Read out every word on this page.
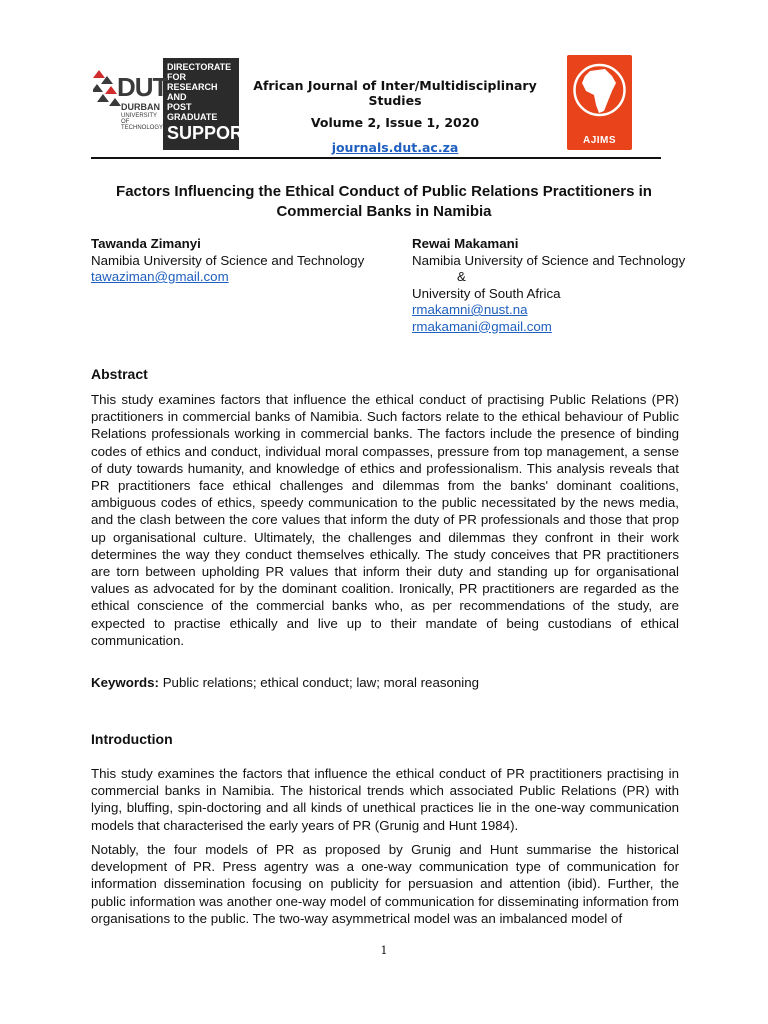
DUT
DURBAN
UNIVERSITY OF TECHNOLOGY
DIRECTORATE FOR
RESEARCH AND
POST GRADUATE
SUPPORT
African Journal of Inter/Multidisciplinary Studies
Volume 2, Issue 1, 2020
journals.dut.ac.za	AJIMS
Factors Influencing the Ethical Conduct of Public Relations Practitioners in Commercial Banks in Namibia
Tawanda Zimanyi
Namibia University of Science and Technology
tawaziman@gmail.com
Rewai Makamani
Namibia University of Science and Technology
&
University of South Africa
rmakamni@nust.na
rmakamani@gmail.com
Abstract
This study examines factors that influence the ethical conduct of practising Public Relations (PR) practitioners in commercial banks of Namibia. Such factors relate to the ethical behaviour of Public Relations professionals working in commercial banks. The factors include the presence of binding codes of ethics and conduct, individual moral compasses, pressure from top management, a sense of duty towards humanity, and knowledge of ethics and professionalism. This analysis reveals that PR practitioners face ethical challenges and dilemmas from the banks' dominant coalitions, ambiguous codes of ethics, speedy communication to the public necessitated by the news media, and the clash between the core values that inform the duty of PR professionals and those that prop up organisational culture. Ultimately, the challenges and dilemmas they confront in their work determines the way they conduct themselves ethically. The study conceives that PR practitioners are torn between upholding PR values that inform their duty and standing up for organisational values as advocated for by the dominant coalition. Ironically, PR practitioners are regarded as the ethical conscience of the commercial banks who, as per recommendations of the study, are expected to practise ethically and live up to their mandate of being custodians of ethical communication.
Keywords: Public relations; ethical conduct; law; moral reasoning
Introduction
This study examines the factors that influence the ethical conduct of PR practitioners practising in commercial banks in Namibia. The historical trends which associated Public Relations (PR) with lying, bluffing, spin-doctoring and all kinds of unethical practices lie in the one-way communication models that characterised the early years of PR (Grunig and Hunt 1984).
Notably, the four models of PR as proposed by Grunig and Hunt summarise the historical development of PR. Press agentry was a one-way communication type of communication for information dissemination focusing on publicity for persuasion and attention (ibid). Further, the public information was another one-way model of communication for disseminating information from organisations to the public. The two-way asymmetrical model was an imbalanced model of
1
